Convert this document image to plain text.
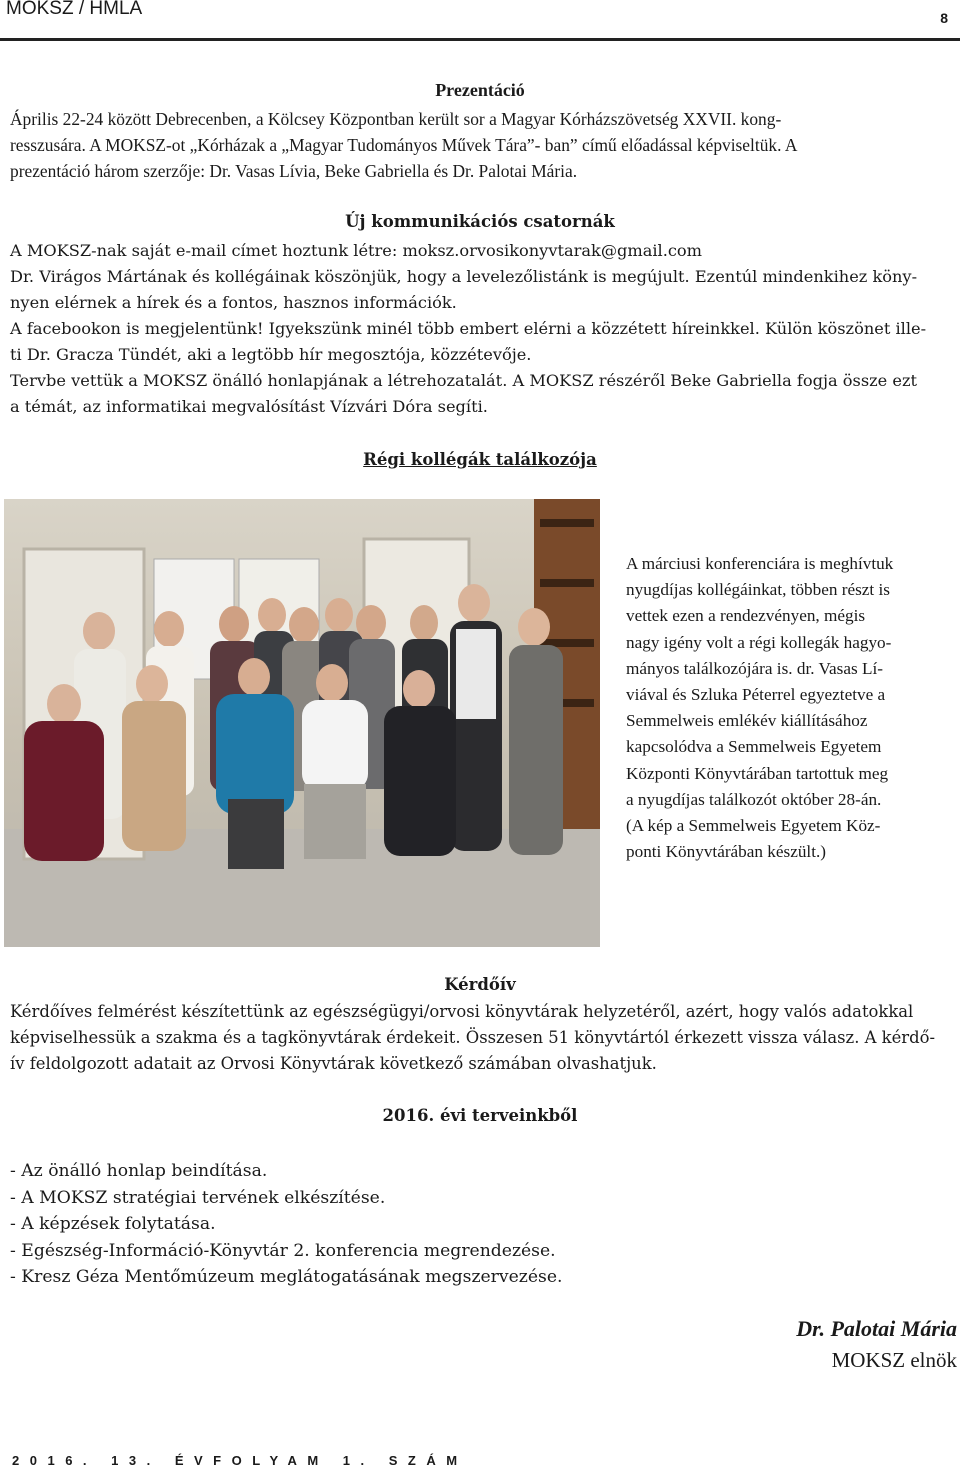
MOKSZ / HMLA	8
Prezentáció
Április 22-24 között Debrecenben, a Kölcsey Központban került sor a Magyar Kórházszövetség XXVII. kong-
resszusára. A MOKSZ-ot „Kórházak a „Magyar Tudományos Művek Tára”- ban” című előadással képviseltük. A
prezentáció három szerzője: Dr. Vasas Lívia, Beke Gabriella és Dr. Palotai Mária.
Új kommunikációs csatornák
A MOKSZ-nak saját e-mail címet hoztunk létre: moksz.orvosikonyvtarak@gmail.com
Dr. Virágos Mártának és kollégáinak köszönjük, hogy a levelezőlistánk is megújult. Ezentúl mindenkihez köny-
nyen elérnek a hírek és a fontos, hasznos információk.
A facebookon is megjelentünk! Igyekszünk minél több embert elérni a közzétett híreinkkel. Külön köszönet ille-
ti Dr. Gracza Tündét, aki a legtöbb hír megosztója, közzétevője.
Tervbe vettük a MOKSZ önálló honlapjának a létrehozatalát. A MOKSZ részéről Beke Gabriella fogja össze ezt
a témát, az informatikai megvalósítást Vízvári Dóra segíti.
Régi kollégák találkozója
A márciusi konferenciára is meghívtuk
nyugdíjas kollégáinkat, többen részt is
vettek ezen a rendezvényen, mégis
nagy igény volt a régi kollegák hagyo-
mányos találkozójára is. dr. Vasas Lí-
viával és Szluka Péterrel egyeztetve a
Semmelweis emlékév kiállításához
kapcsolódva a Semmelweis Egyetem
Központi Könyvtárában tartottuk meg
a nyugdíjas találkozót október 28-án.
(A kép a Semmelweis Egyetem Köz-
ponti Könyvtárában készült.)
Kérdőív
Kérdőíves felmérést készítettünk az egészségügyi/orvosi könyvtárak helyzetéről, azért, hogy valós adatokkal
képviselhessük a szakma és a tagkönyvtárak érdekeit. Összesen 51 könyvtártól érkezett vissza válasz. A kérdő-
ív feldolgozott adatait az Orvosi Könyvtárak következő számában olvashatjuk.
2016. évi terveinkből
- Az önálló honlap beindítása.
- A MOKSZ stratégiai tervének elkészítése.
- A képzések folytatása.
- Egészség-Információ-Könyvtár 2. konferencia megrendezése.
- Kresz Géza Mentőmúzeum meglátogatásának megszervezése.
Dr. Palotai Mária
MOKSZ elnök
2016. 13. ÉVFOLYAM 1. SZÁM
